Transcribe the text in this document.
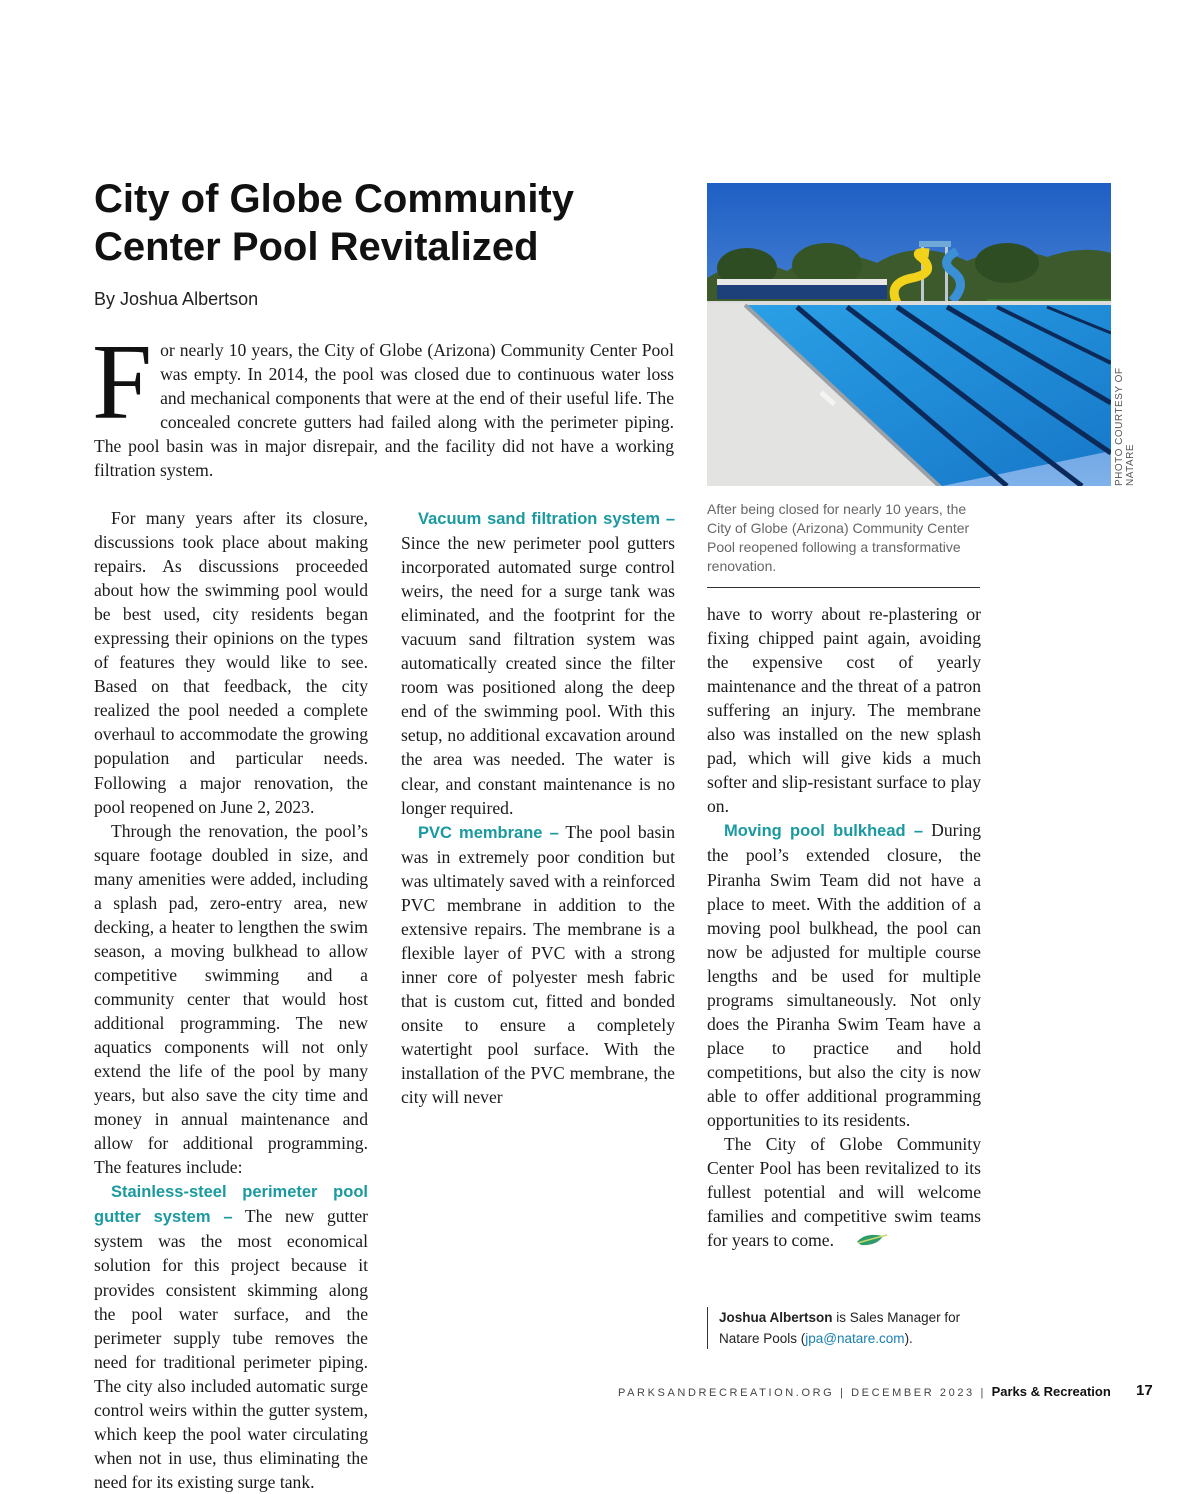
City of Globe Community Center Pool Revitalized
By Joshua Albertson

For nearly 10 years, the City of Globe (Arizona) Community Center Pool was empty. In 2014, the pool was closed due to continuous water loss and mechanical components that were at the end of their useful life. The concealed concrete gutters had failed along with the perimeter piping. The pool basin was in major disrepair, and the facility did not have a working filtration system.	PHOTO COURTESY OF NATARE
After being closed for nearly 10 years, the City of Globe (Arizona) Community Center Pool reopened following a transformative renovation.

For many years after its closure, discussions took place about making repairs. As discussions proceeded about how the swimming pool would be best used, city residents began expressing their opinions on the types of features they would like to see. Based on that feedback, the city realized the pool needed a complete overhaul to accommodate the growing population and particular needs. Following a major renovation, the pool reopened on June 2, 2023.

Through the renovation, the pool’s square footage doubled in size, and many amenities were added, including a splash pad, zero-entry area, new decking, a heater to lengthen the swim season, a moving bulkhead to allow competitive swimming and a community center that would host additional programming. The new aquatics components will not only extend the life of the pool by many years, but also save the city time and money in annual maintenance and allow for additional programming. The features include:

Stainless-steel perimeter pool gutter system – The new gutter system was the most economical solution for this project because it provides consistent skimming along the pool water surface, and the perimeter supply tube removes the need for traditional perimeter piping. The city also included automatic surge control weirs within the gutter system, which keep the pool water circulating when not in use, thus eliminating the need for its existing surge tank.

Vacuum sand filtration system – Since the new perimeter pool gutters incorporated automated surge control weirs, the need for a surge tank was eliminated, and the footprint for the vacuum sand filtration system was automatically created since the filter room was positioned along the deep end of the swimming pool. With this setup, no additional excavation around the area was needed. The water is clear, and constant maintenance is no longer required.

PVC membrane – The pool basin was in extremely poor condition but was ultimately saved with a reinforced PVC membrane in addition to the extensive repairs. The membrane is a flexible layer of PVC with a strong inner core of polyester mesh fabric that is custom cut, fitted and bonded onsite to ensure a completely watertight pool surface. With the installation of the PVC membrane, the city will never

have to worry about re-plastering or fixing chipped paint again, avoiding the expensive cost of yearly maintenance and the threat of a patron suffering an injury. The membrane also was installed on the new splash pad, which will give kids a much softer and slip-resistant surface to play on.

Moving pool bulkhead – During the pool’s extended closure, the Piranha Swim Team did not have a place to meet. With the addition of a moving pool bulkhead, the pool can now be adjusted for multiple course lengths and be used for multiple programs simultaneously. Not only does the Piranha Swim Team have a place to practice and hold competitions, but also the city is now able to offer additional programming opportunities to its residents.

The City of Globe Community Center Pool has been revitalized to its fullest potential and will welcome families and competitive swim teams for years to come.

Joshua Albertson is Sales Manager for Natare Pools (jpa@natare.com).
PARKSANDRECREATION.ORG | DECEMBER 2023 | Parks & Recreation 17
